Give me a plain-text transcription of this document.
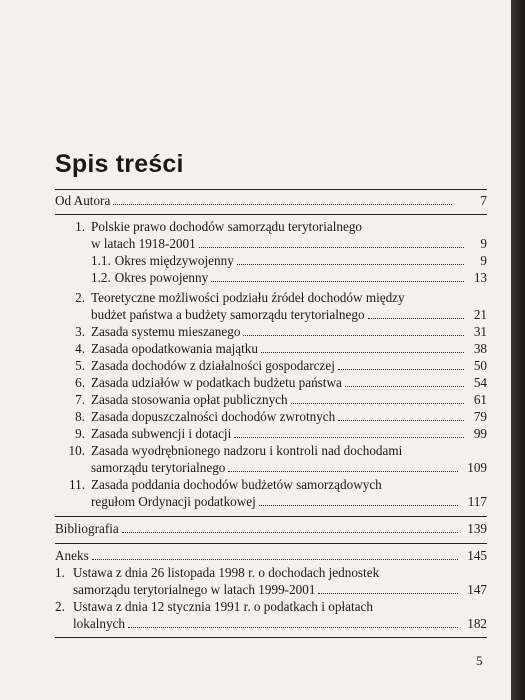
Spis treści
Od Autora	7
1. Polskie prawo dochodów samorządu terytorialnego
w latach 1918-2001	9
1.1. Okres międzywojenny	9
1.2. Okres powojenny	13
2. Teoretyczne możliwości podziału źródeł dochodów między
budżet państwa a budżety samorządu terytorialnego	21
3. Zasada systemu mieszanego	31
4. Zasada opodatkowania majątku	38
5. Zasada dochodów z działalności gospodarczej	50
6. Zasada udziałów w podatkach budżetu państwa	54
7. Zasada stosowania opłat publicznych	61
8. Zasada dopuszczalności dochodów zwrotnych	79
9. Zasada subwencji i dotacji	99
10. Zasada wyodrębnionego nadzoru i kontroli nad dochodami
samorządu terytorialnego	109
11. Zasada poddania dochodów budżetów samorządowych
regułom Ordynacji podatkowej	117
Bibliografia	139
Aneks	145
1. Ustawa z dnia 26 listopada 1998 r. o dochodach jednostek
samorządu terytorialnego w latach 1999-2001	147
2. Ustawa z dnia 12 stycznia 1991 r. o podatkach i opłatach
lokalnych	182
5
